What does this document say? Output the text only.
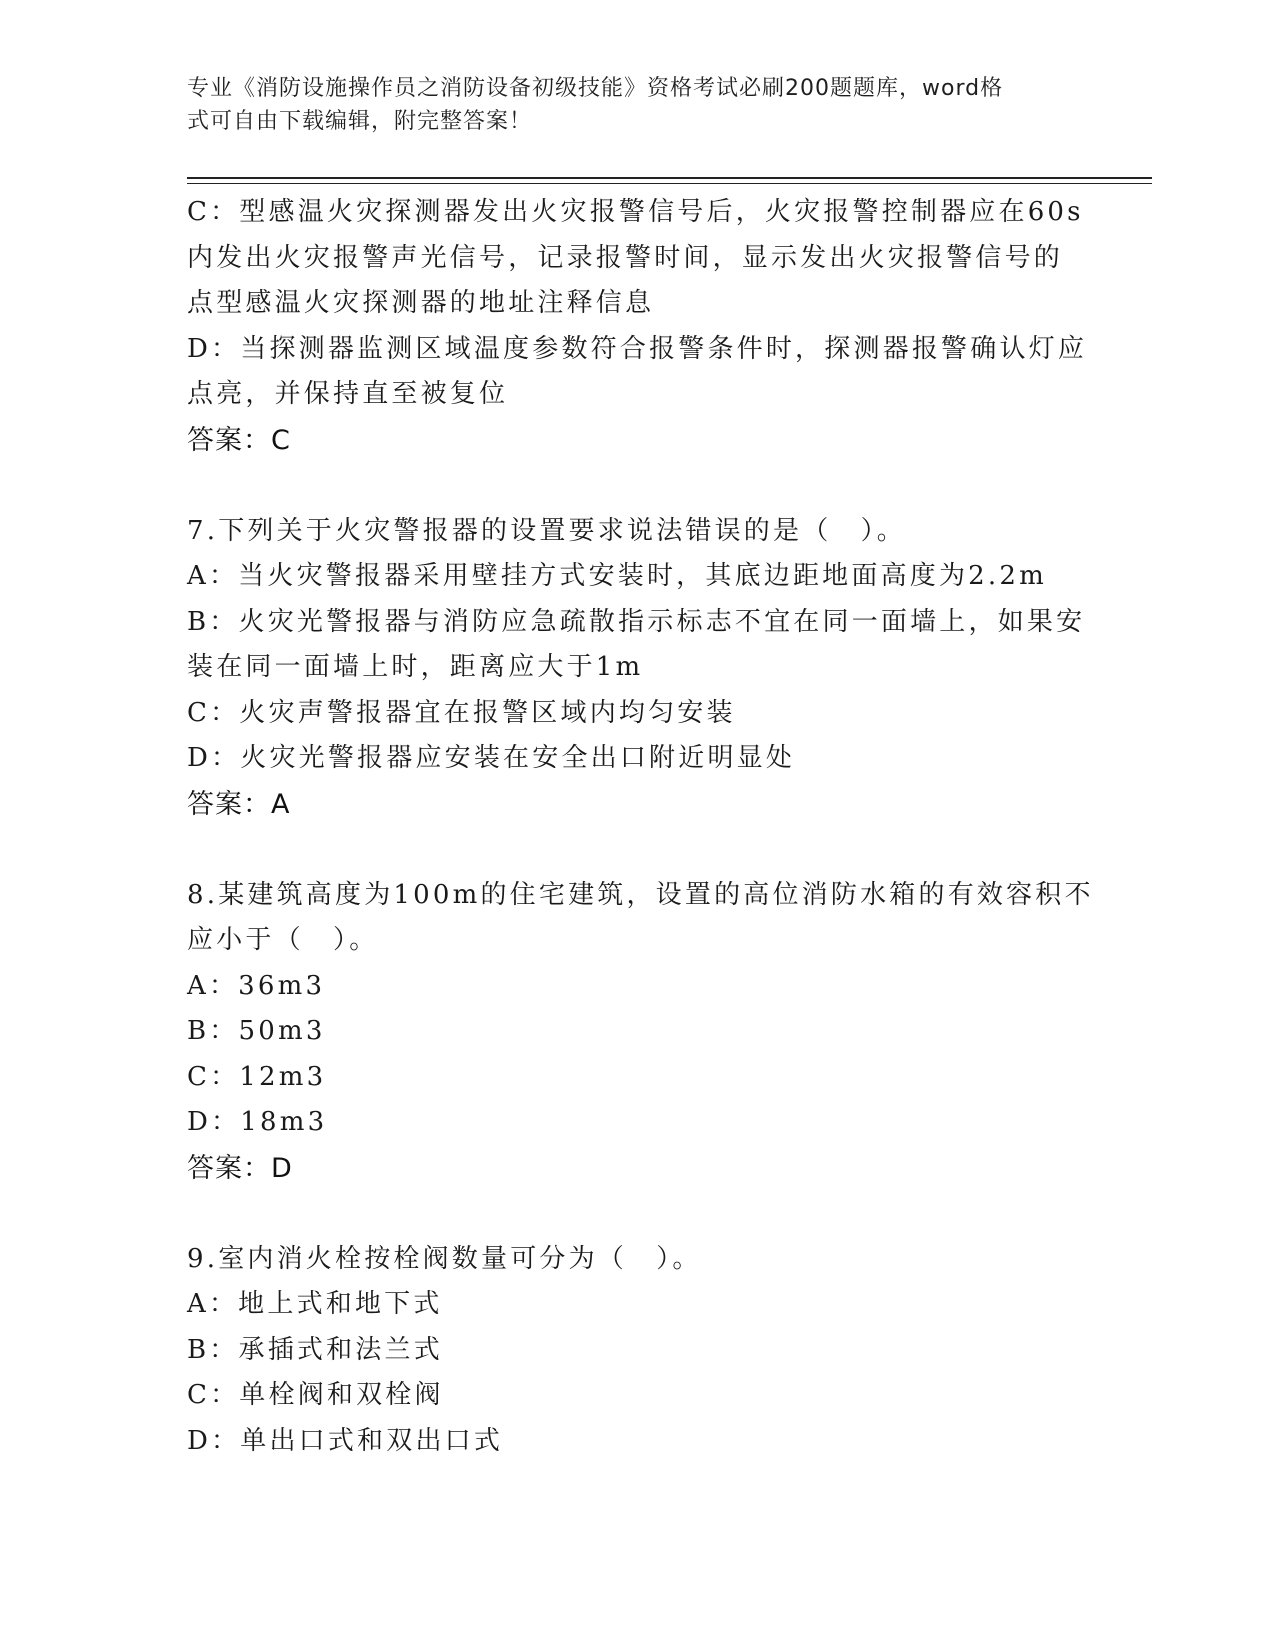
专业《消防设施操作员之消防设备初级技能》资格考试必刷200题题库，word格
式可自由下载编辑，附完整答案！
C：型感温火灾探测器发出火灾报警信号后，火灾报警控制器应在60s
内发出火灾报警声光信号，记录报警时间，显示发出火灾报警信号的
点型感温火灾探测器的地址注释信息
D：当探测器监测区域温度参数符合报警条件时，探测器报警确认灯应
点亮，并保持直至被复位
答案：C
7.下列关于火灾警报器的设置要求说法错误的是（　）。
A：当火灾警报器采用壁挂方式安装时，其底边距地面高度为2.2m
B：火灾光警报器与消防应急疏散指示标志不宜在同一面墙上，如果安
装在同一面墙上时，距离应大于1m
C：火灾声警报器宜在报警区域内均匀安装
D：火灾光警报器应安装在安全出口附近明显处
答案：A
8.某建筑高度为100m的住宅建筑，设置的高位消防水箱的有效容积不
应小于（　）。
A：36m3
B：50m3
C：12m3
D：18m3
答案：D
9.室内消火栓按栓阀数量可分为（　）。
A：地上式和地下式
B：承插式和法兰式
C：单栓阀和双栓阀
D：单出口式和双出口式
